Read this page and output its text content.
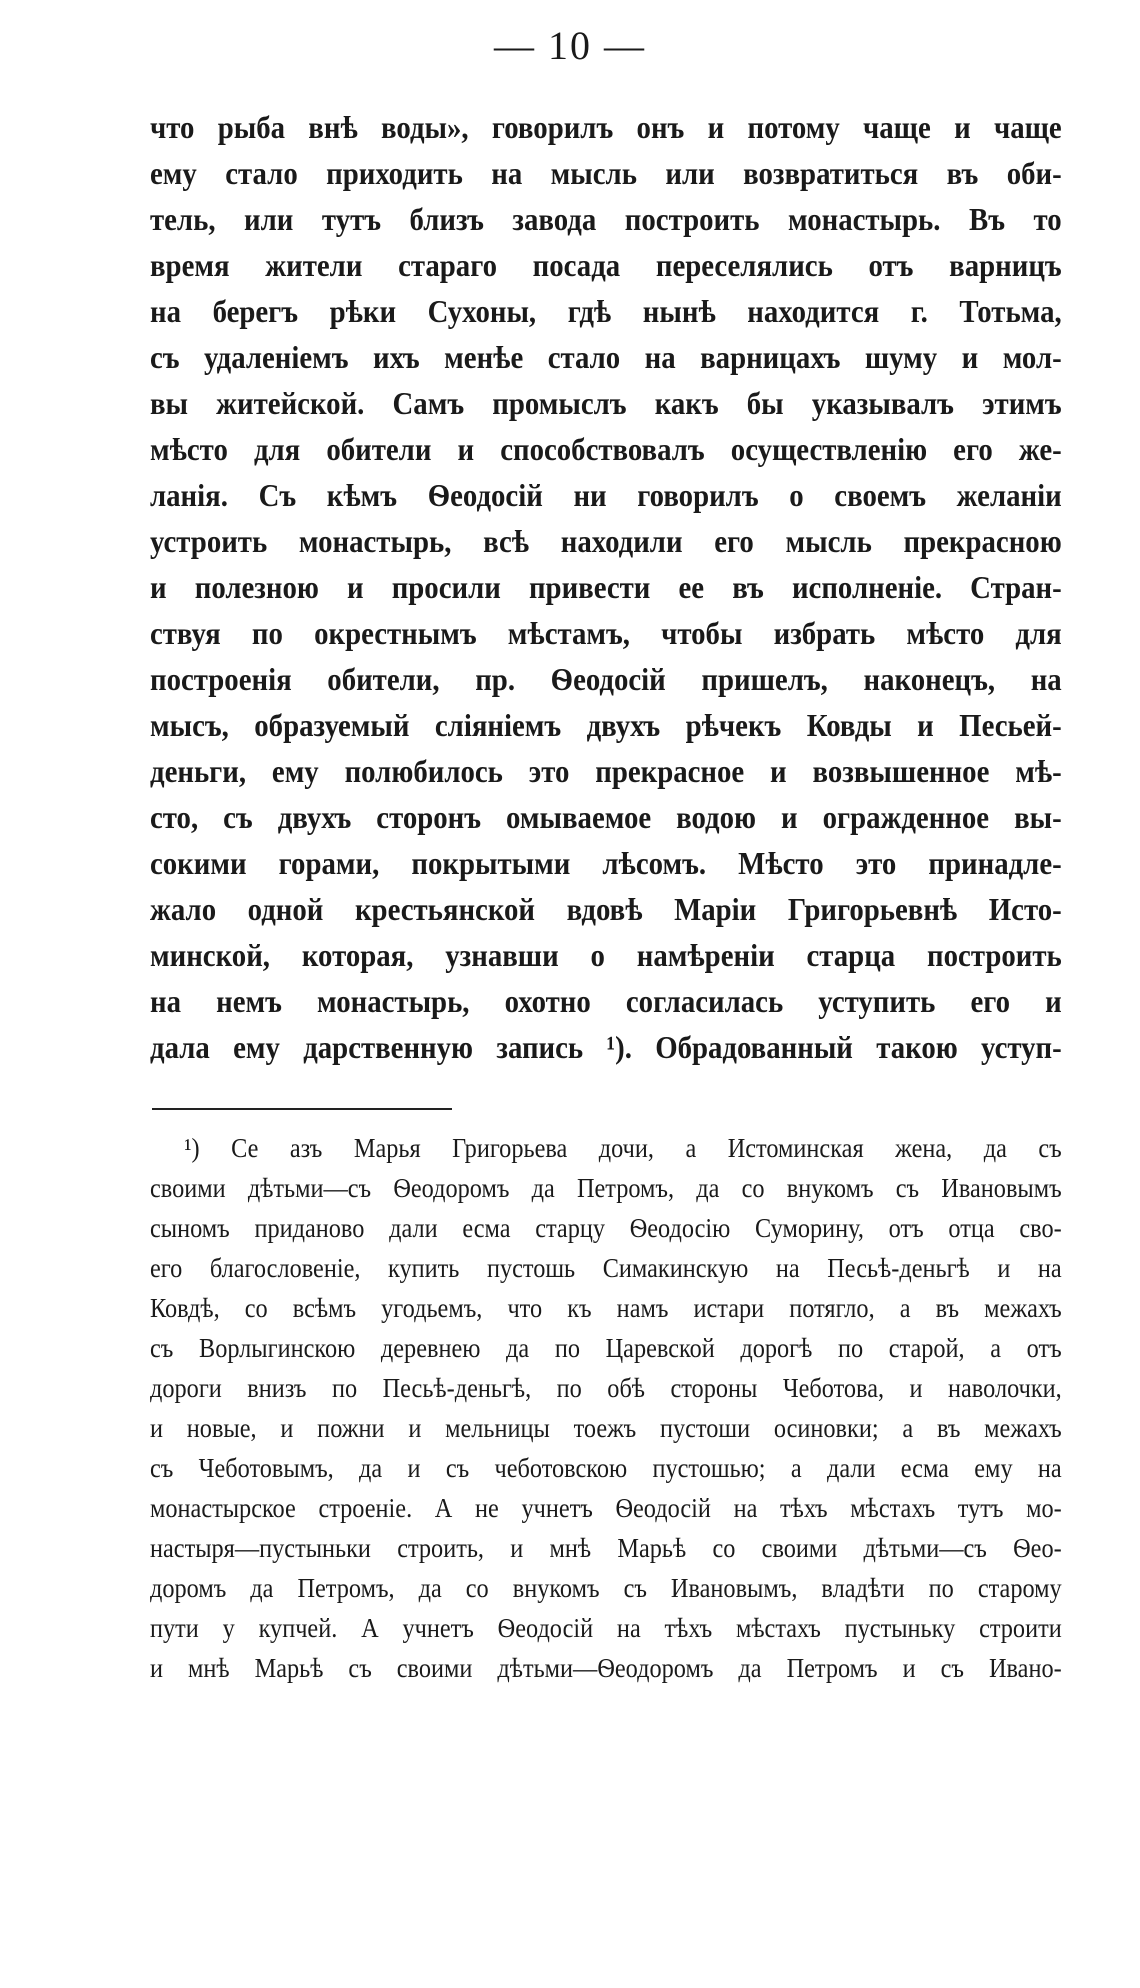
— 10 —
что рыба внѣ воды», говорилъ онъ и потому чаще и чаще
ему стало приходить на мысль или возвратиться въ оби-
тель, или тутъ близъ завода построить монастырь. Въ то
время жители стараго посада переселялись отъ варницъ
на берегъ рѣки Сухоны, гдѣ нынѣ находится г. Тотьма,
съ удаленіемъ ихъ менѣе стало на варницахъ шуму и мол-
вы житейской. Самъ промыслъ какъ бы указывалъ этимъ
мѣсто для обители и способствовалъ осуществленію его же-
ланія. Съ кѣмъ Ѳеодосій ни говорилъ о своемъ желаніи
устроить монастырь, всѣ находили его мысль прекрасною
и полезною и просили привести ее въ исполненіе. Стран-
ствуя по окрестнымъ мѣстамъ, чтобы избрать мѣсто для
построенія обители, пр. Ѳеодосій пришелъ, наконецъ, на
мысъ, образуемый сліяніемъ двухъ рѣчекъ Ковды и Песьей-
деньги, ему полюбилось это прекрасное и возвышенное мѣ-
сто, съ двухъ сторонъ омываемое водою и огражденное вы-
сокими горами, покрытыми лѣсомъ. Мѣсто это принадле-
жало одной крестьянской вдовѣ Маріи Григорьевнѣ Исто-
минской, которая, узнавши о намѣреніи старца построить
на немъ монастырь, охотно согласилась уступить его и
дала ему дарственную запись ¹). Обрадованный такою уступ-
¹) Се азъ Марья Григорьева дочи, а Истоминская жена, да съ
своими дѣтьми—съ Ѳеодоромъ да Петромъ, да со внукомъ съ Ивановымъ
сыномъ приданово дали есма старцу Ѳеодосію Суморину, отъ отца сво-
его благословеніе, купить пустошь Симакинскую на Песьѣ-деньгѣ и на
Ковдѣ, со всѣмъ угодьемъ, что къ намъ истари потягло, а въ межахъ
съ Ворлыгинскою деревнею да по Царевской дорогѣ по старой, а отъ
дороги внизъ по Песьѣ-деньгѣ, по обѣ стороны Чеботова, и наволочки,
и новые, и пожни и мельницы тоежъ пустоши осиновки; а въ межахъ
съ Чеботовымъ, да и съ чеботовскою пустошью; а дали есма ему на
монастырское строеніе. А не учнетъ Ѳеодосій на тѣхъ мѣстахъ тутъ мо-
настыря—пустыньки строить, и мнѣ Марьѣ со своими дѣтьми—съ Ѳео-
доромъ да Петромъ, да со внукомъ съ Ивановымъ, владѣти по старому
пути у купчей. А учнетъ Ѳеодосій на тѣхъ мѣстахъ пустыньку строити
и мнѣ Марьѣ съ своими дѣтьми—Ѳеодоромъ да Петромъ и съ Ивано-
